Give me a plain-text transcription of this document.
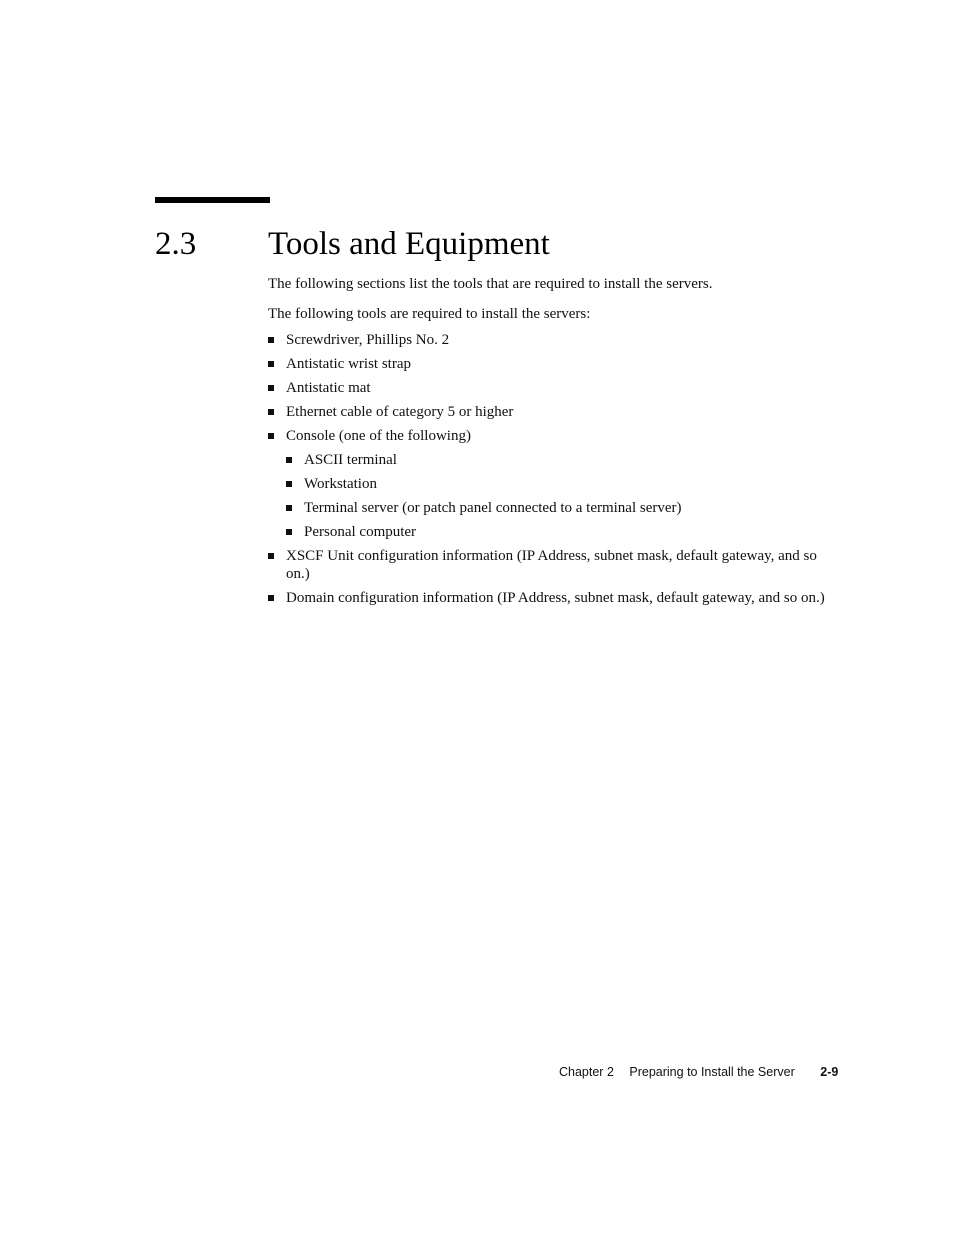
2.3 Tools and Equipment

The following sections list the tools that are required to install the servers.

The following tools are required to install the servers:

Screwdriver, Phillips No. 2
Antistatic wrist strap
Antistatic mat
Ethernet cable of category 5 or higher
Console (one of the following)
ASCII terminal
Workstation
Terminal server (or patch panel connected to a terminal server)
Personal computer
XSCF Unit configuration information (IP Address, subnet mask, default gateway, and so on.)
Domain configuration information (IP Address, subnet mask, default gateway, and so on.)
Chapter 2 Preparing to Install the Server 2-9
